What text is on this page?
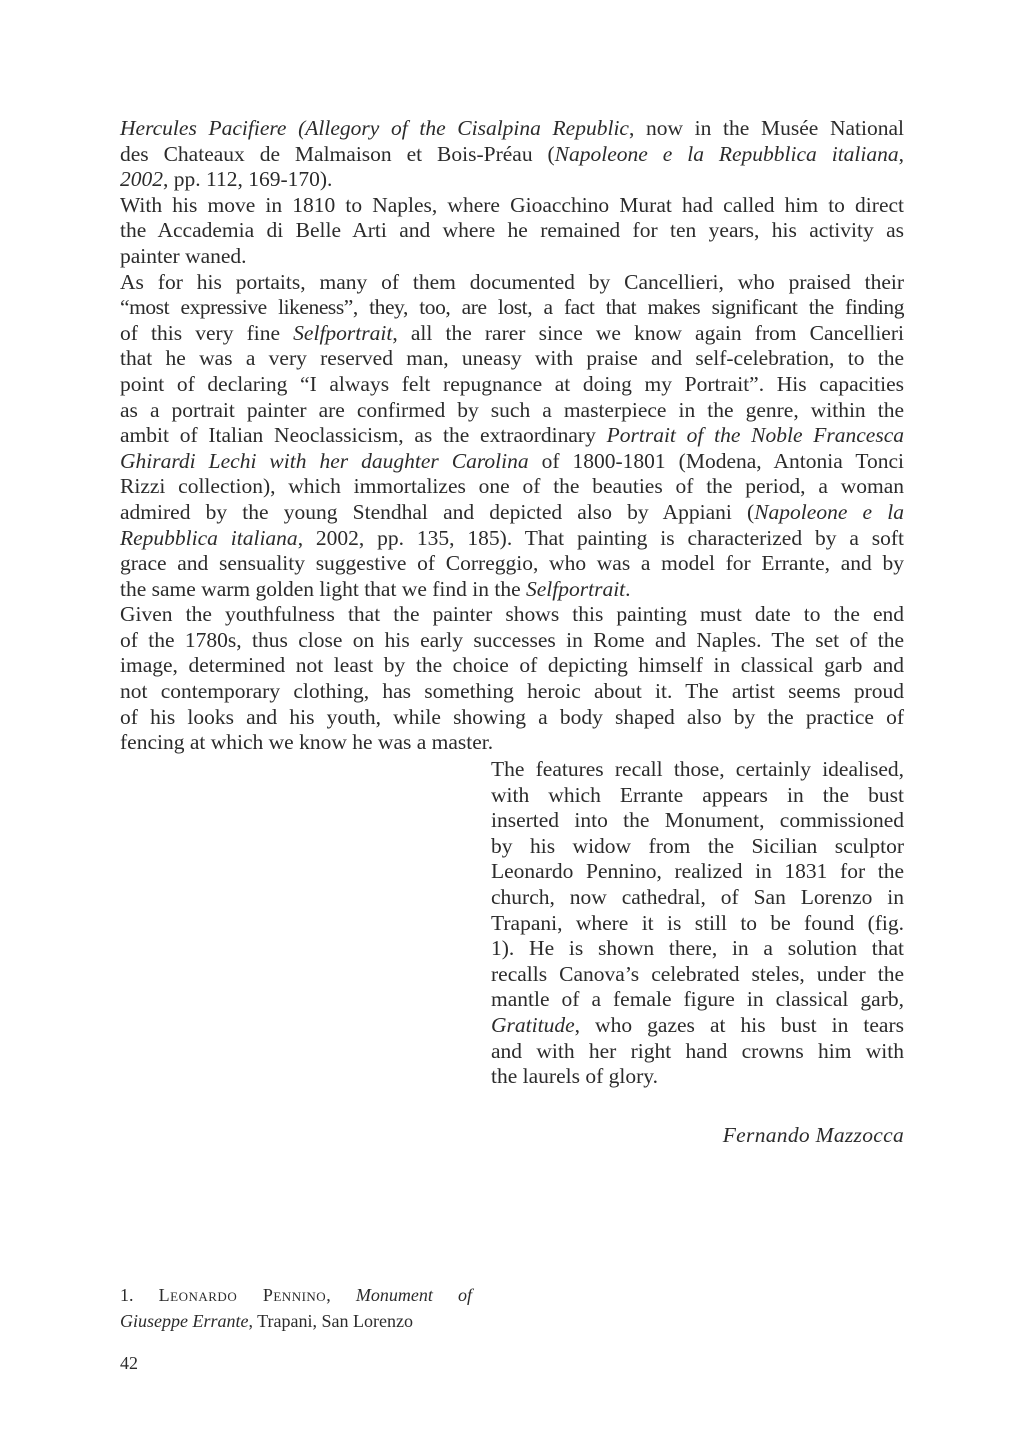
Hercules Pacifiere (Allegory of the Cisalpina Republic, now in the Musée National
des Chateaux de Malmaison et Bois-Préau (Napoleone e la Repubblica italiana,
2002, pp. 112, 169-170).
With his move in 1810 to Naples, where Gioacchino Murat had called him to direct
the Accademia di Belle Arti and where he remained for ten years, his activity as
painter waned.
As for his portaits, many of them documented by Cancellieri, who praised their
“most expressive likeness”, they, too, are lost, a fact that makes significant the finding
of this very fine Selfportrait, all the rarer since we know again from Cancellieri
that he was a very reserved man, uneasy with praise and self-celebration, to the
point of declaring “I always felt repugnance at doing my Portrait”. His capacities
as a portrait painter are confirmed by such a masterpiece in the genre, within the
ambit of Italian Neoclassicism, as the extraordinary Portrait of the Noble Francesca
Ghirardi Lechi with her daughter Carolina of 1800-1801 (Modena, Antonia Tonci
Rizzi collection), which immortalizes one of the beauties of the period, a woman
admired by the young Stendhal and depicted also by Appiani (Napoleone e la
Repubblica italiana, 2002, pp. 135, 185). That painting is characterized by a soft
grace and sensuality suggestive of Correggio, who was a model for Errante, and by
the same warm golden light that we find in the Selfportrait.
Given the youthfulness that the painter shows this painting must date to the end
of the 1780s, thus close on his early successes in Rome and Naples. The set of the
image, determined not least by the choice of depicting himself in classical garb and
not contemporary clothing, has something heroic about it. The artist seems proud
of his looks and his youth, while showing a body shaped also by the practice of
fencing at which we know he was a master.
The features recall those, certainly idealised,
with which Errante appears in the bust
inserted into the Monument, commissioned
by his widow from the Sicilian sculptor
Leonardo Pennino, realized in 1831 for the
church, now cathedral, of San Lorenzo in
Trapani, where it is still to be found (fig.
1). He is shown there, in a solution that
recalls Canova’s celebrated steles, under the
mantle of a female figure in classical garb,
Gratitude, who gazes at his bust in tears
and with her right hand crowns him with
the laurels of glory.
Fernando Mazzocca
1. Leonardo Pennino, Monument of
Giuseppe Errante, Trapani, San Lorenzo
42
